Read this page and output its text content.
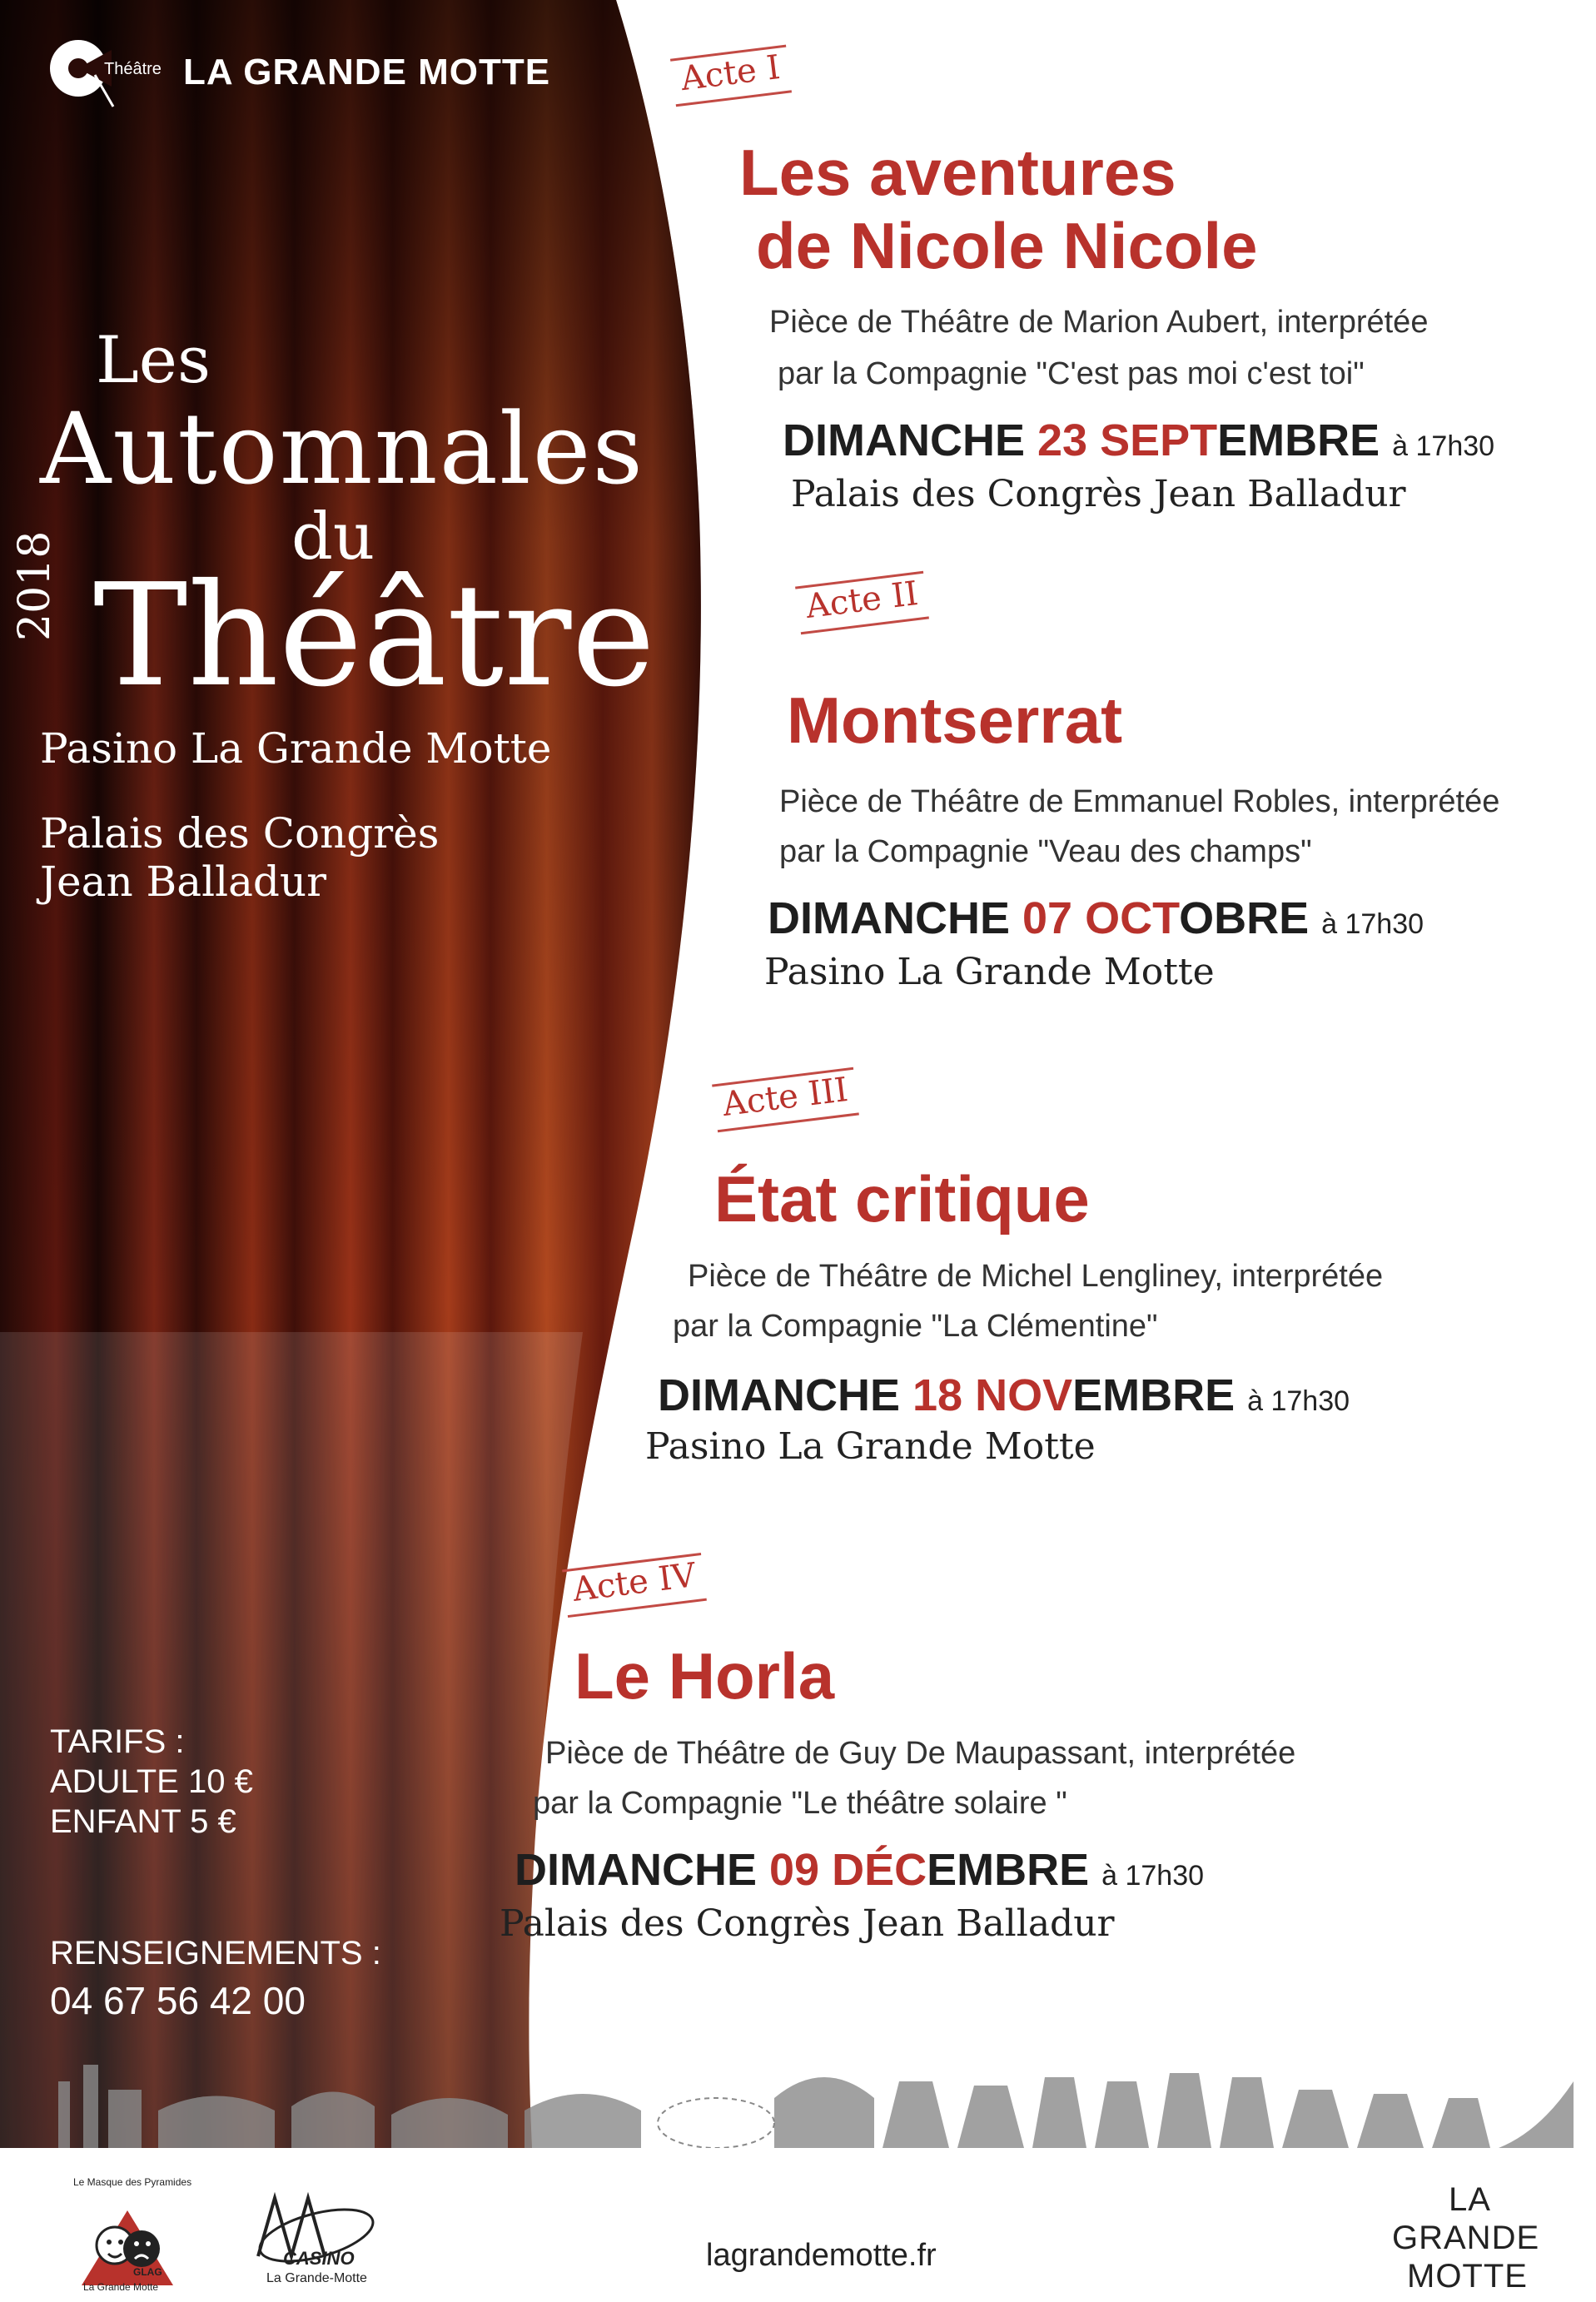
Théâtre LA GRANDE MOTTE
Les
Automnales
du
Théâtre
2018
Pasino La Grande Motte
Palais des Congrès
Jean Balladur
TARIFS :
ADULTE 10 €
ENFANT 5 €
RENSEIGNEMENTS :
04 67 56 42 00
Acte I
Les aventures
de Nicole Nicole
Pièce de Théâtre de Marion Aubert, interprétée
par la Compagnie "C'est pas moi c'est toi"
DIMANCHE 23 SEPTEMBRE à 17h30
Palais des Congrès Jean Balladur
Acte II
Montserrat
Pièce de Théâtre de Emmanuel Robles, interprétée
par la Compagnie "Veau des champs"
DIMANCHE 07 OCTOBRE à 17h30
Pasino La Grande Motte
Acte III
État critique
Pièce de Théâtre de Michel Lengliney, interprétée
par la Compagnie "La Clémentine"
DIMANCHE 18 NOVEMBRE à 17h30
Pasino La Grande Motte
Acte IV
Le Horla
Pièce de Théâtre de Guy De Maupassant, interprétée
par la Compagnie "Le théâtre solaire "
DIMANCHE 09 DÉCEMBRE à 17h30
Palais des Congrès Jean Balladur
Le Masque des Pyramides
GLAG
La Grande Motte
CASINO
La Grande-Motte
lagrandemotte.fr
LA
GRANDE
MOTTE
